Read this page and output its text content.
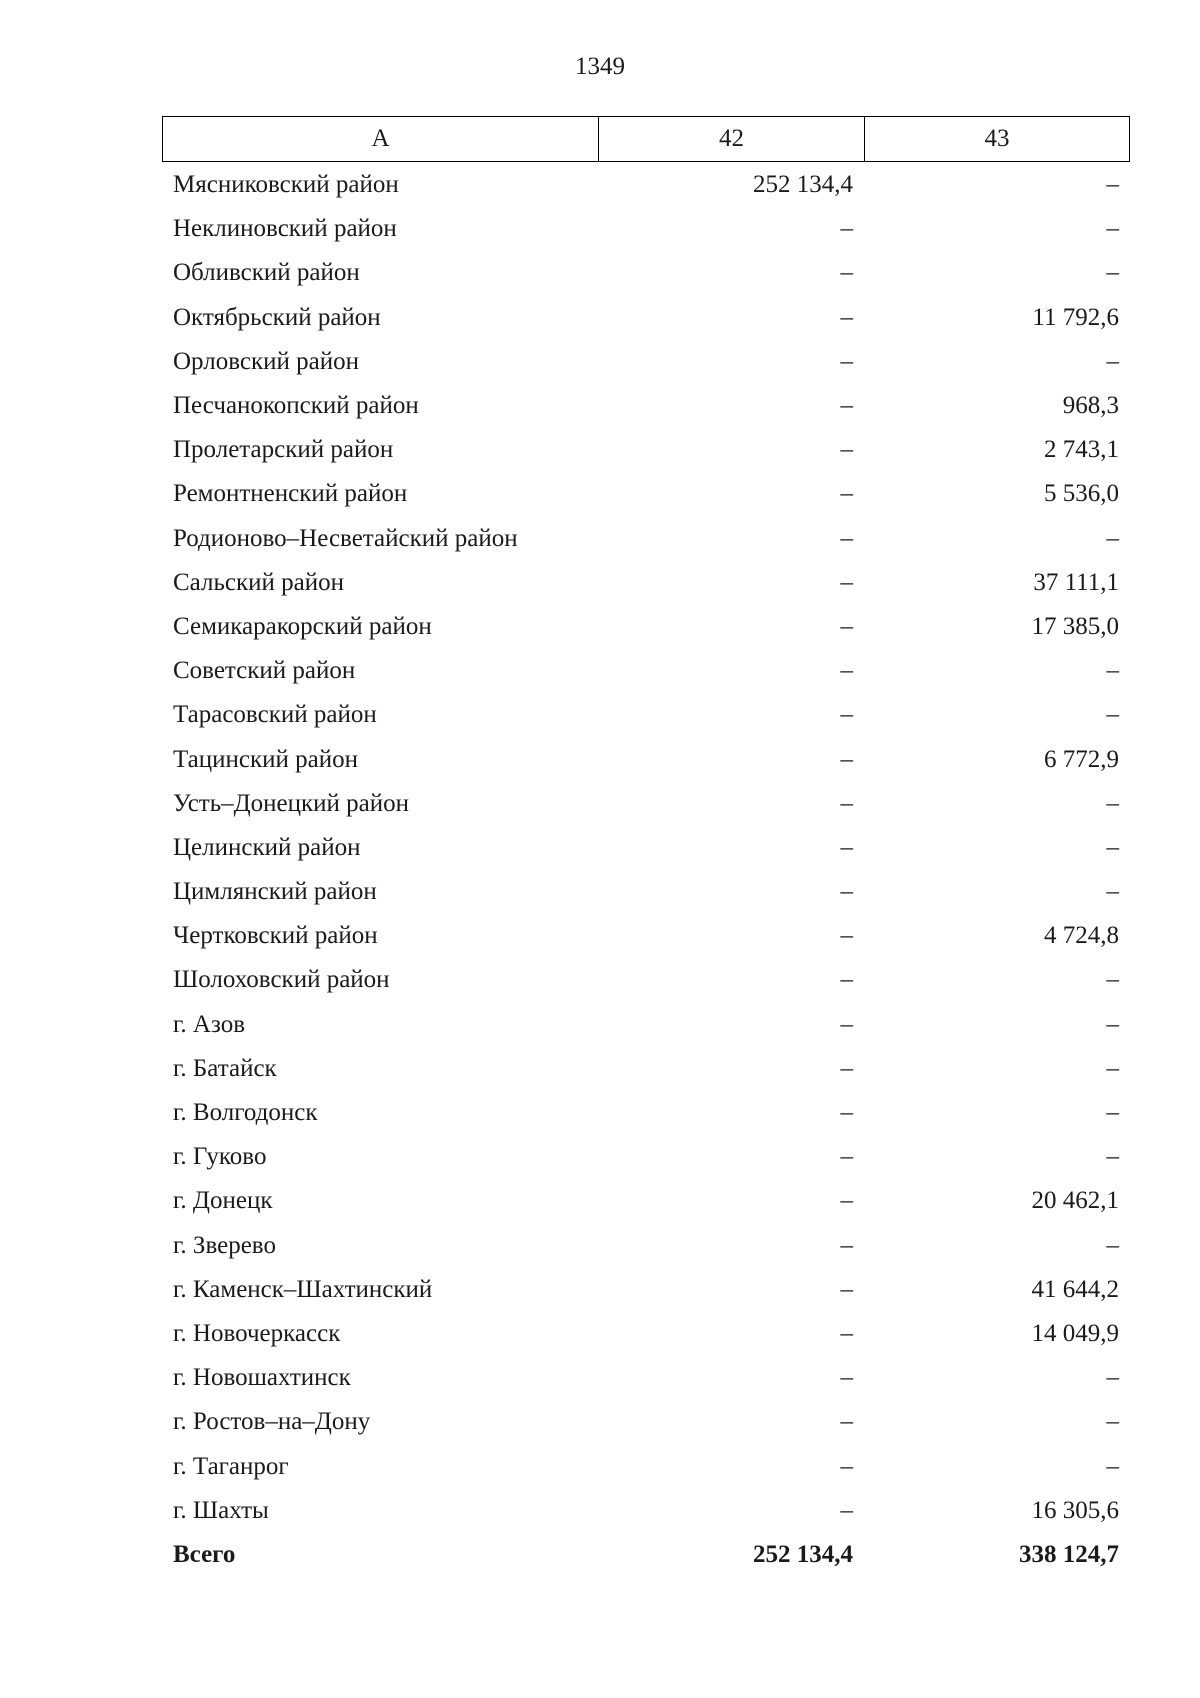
1349
А	42	43
Мясниковский район	252 134,4	–
Неклиновский район	–	–
Обливский район	–	–
Октябрьский район	–	11 792,6
Орловский район	–	–
Песчанокопский район	–	968,3
Пролетарский район	–	2 743,1
Ремонтненский район	–	5 536,0
Родионово–Несветайский район	–	–
Сальский район	–	37 111,1
Семикаракорский район	–	17 385,0
Советский район	–	–
Тарасовский район	–	–
Тацинский район	–	6 772,9
Усть–Донецкий район	–	–
Целинский район	–	–
Цимлянский район	–	–
Чертковский район	–	4 724,8
Шолоховский район	–	–
г. Азов	–	–
г. Батайск	–	–
г. Волгодонск	–	–
г. Гуково	–	–
г. Донецк	–	20 462,1
г. Зверево	–	–
г. Каменск–Шахтинский	–	41 644,2
г. Новочеркасск	–	14 049,9
г. Новошахтинск	–	–
г. Ростов–на–Дону	–	–
г. Таганрог	–	–
г. Шахты	–	16 305,6
Всего	252 134,4	338 124,7
